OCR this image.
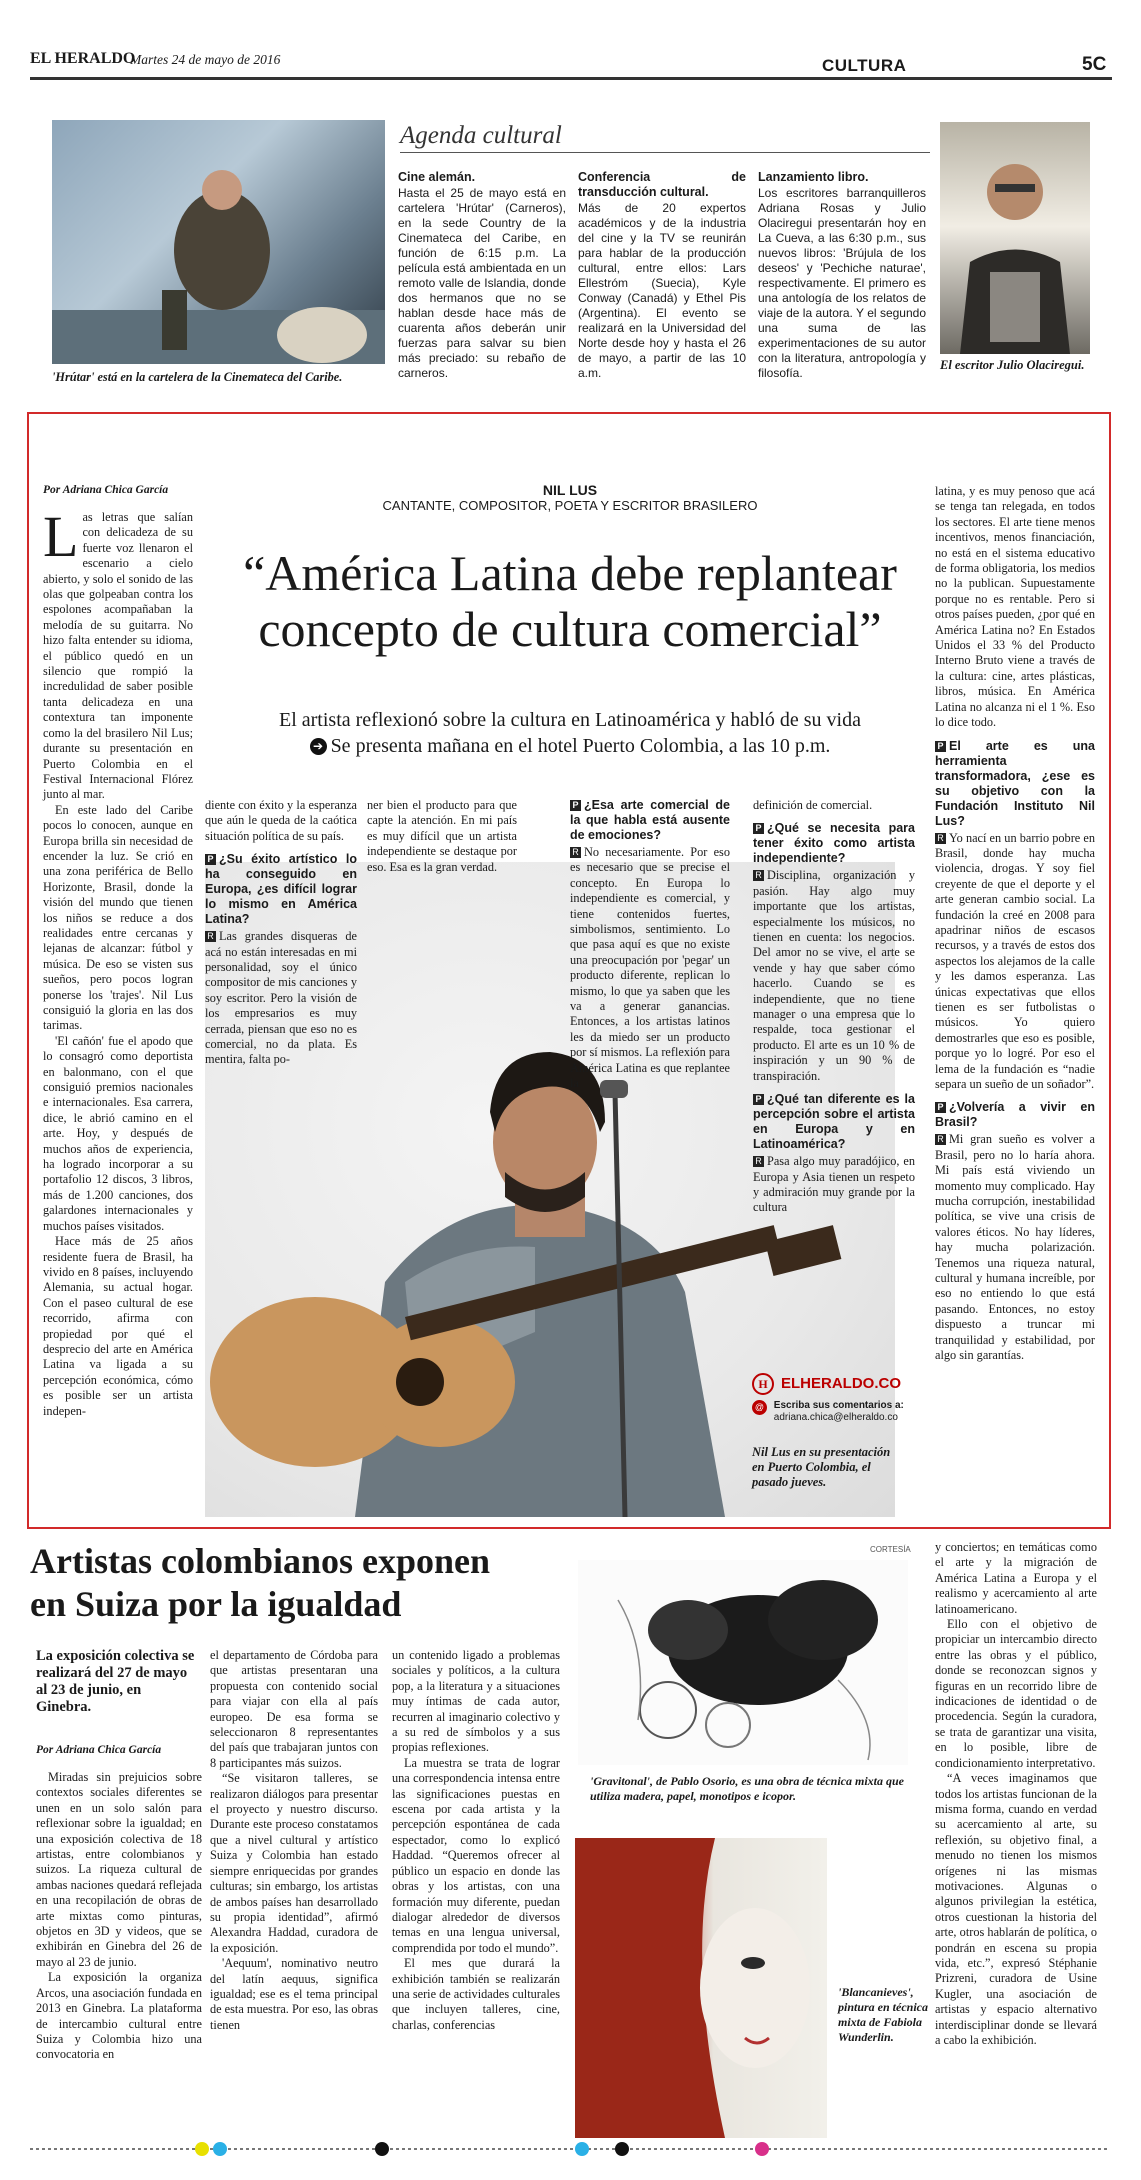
EL HERALDO
Martes 24 de mayo de 2016	CULTURA	5C
'Hrútar' está en la cartelera de la Cinemateca del Caribe.
Agenda cultural
Cine alemán.
Hasta el 25 de mayo está en cartelera 'Hrútar' (Carneros), en la sede Country de la Cinemateca del Caribe, en función de 6:15 p.m. La película está ambientada en un remoto valle de Islandia, donde dos hermanos que no se hablan desde hace más de cuarenta años deberán unir fuerzas para salvar su bien más preciado: su rebaño de carneros.
Conferencia de transducción cultural.
Más de 20 expertos académicos y de la industria del cine y la TV se reunirán para hablar de la producción cultural, entre ellos: Lars Ellestróm (Suecia), Kyle Conway (Canadá) y Ethel Pis (Argentina). El evento se realizará en la Universidad del Norte desde hoy y hasta el 26 de mayo, a partir de las 10 a.m.
Lanzamiento libro.
Los escritores barranquilleros Adriana Rosas y Julio Olaciregui presentarán hoy en La Cueva, a las 6:30 p.m., sus nuevos libros: 'Brújula de los deseos' y 'Pechiche naturae', respectivamente. El primero es una antología de los relatos de viaje de la autora. Y el segundo una suma de las experimentaciones de su autor con la literatura, antropología y filosofía.
El escritor Julio Olaciregui.
Por Adriana Chica García	NIL LUS
CANTANTE, COMPOSITOR, POETA Y ESCRITOR BRASILERO
“América Latina debe replantear
concepto de cultura comercial”
El artista reflexionó sobre la cultura en Latinoamérica y habló de su vida
➔ Se presenta mañana en el hotel Puerto Colombia, a las 10 p.m.

Las letras que salían con delicadeza de su fuerte voz llenaron el escenario a cielo abierto, y solo el sonido de las olas que golpeaban contra los espolones acompañaban la melodía de su guitarra. No hizo falta entender su idioma, el público quedó en un silencio que rompió la incredulidad de saber posible tanta delicadeza en una contextura tan imponente como la del brasilero Nil Lus; durante su presentación en Puerto Colombia en el Festival Internacional Flórez junto al mar.

En este lado del Caribe pocos lo conocen, aunque en Europa brilla sin necesidad de encender la luz. Se crió en una zona periférica de Bello Horizonte, Brasil, donde la visión del mundo que tienen los niños se reduce a dos realidades entre cercanas y lejanas de alcanzar: fútbol y música. De eso se visten sus sueños, pero pocos logran ponerse los 'trajes'. Nil Lus consiguió la gloria en las dos tarimas.

'El cañón' fue el apodo que lo consagró como deportista en balonmano, con el que consiguió premios nacionales e internacionales. Esa carrera, dice, le abrió camino en el arte. Hoy, y después de muchos años de experiencia, ha logrado incorporar a su portafolio 12 discos, 3 libros, más de 1.200 canciones, dos galardones internacionales y muchos países visitados.

Hace más de 25 años residente fuera de Brasil, ha vivido en 8 países, incluyendo Alemania, su actual hogar. Con el paseo cultural de ese recorrido, afirma con propiedad por qué el desprecio del arte en América Latina va ligada a su percepción económica, cómo es posible ser un artista indepen-

diente con éxito y la esperanza que aún le queda de la caótica situación política de su país.

P ¿Su éxito artístico lo ha conseguido en Europa, ¿es difícil lograr lo mismo en América Latina?

R Las grandes disqueras de acá no están interesadas en mi personalidad, soy el único compositor de mis canciones y soy escritor. Pero la visión de los empresarios es muy cerrada, piensan que eso no es comercial, no da plata. Es mentira, falta po-

ner bien el producto para que capte la atención. En mi país es muy difícil que un artista independiente se destaque por eso. Esa es la gran verdad.

P ¿Esa arte comercial de la que habla está ausente de emociones?

R No necesariamente. Por eso es necesario que se precise el concepto. En Europa lo independiente es comercial, y tiene contenidos fuertes, simbolismos, sentimiento. Lo que pasa aquí es que no existe una preocupación por 'pegar' un producto diferente, replican lo mismo, lo que ya saben que les va a generar ganancias. Entonces, a los artistas latinos les da miedo ser un producto por sí mismos. La reflexión para América Latina es que replantee la

definición de comercial.

P ¿Qué se necesita para tener éxito como artista independiente?

R Disciplina, organización y pasión. Hay algo muy importante que los artistas, especialmente los músicos, no tienen en cuenta: los negocios. Del amor no se vive, el arte se vende y hay que saber cómo hacerlo. Cuando se es independiente, que no tiene manager o una empresa que lo respalde, toca gestionar el producto. El arte es un 10 % de inspiración y un 90 % de transpiración.

P ¿Qué tan diferente es la percepción sobre el artista en Europa y en Latinoamérica?

R Pasa algo muy paradójico, en Europa y Asia tienen un respeto y admiración muy grande por la cultura

H ELHERALDO.CO
@ Escriba sus comentarios a:
adriana.chica@elheraldo.co
Nil Lus en su presentación en Puerto Colombia, el pasado jueves.

latina, y es muy penoso que acá se tenga tan relegada, en todos los sectores. El arte tiene menos incentivos, menos financiación, no está en el sistema educativo de forma obligatoria, los medios no la publican. Supuestamente porque no es rentable. Pero si otros países pueden, ¿por qué en América Latina no? En Estados Unidos el 33 % del Producto Interno Bruto viene a través de la cultura: cine, artes plásticas, libros, música. En América Latina no alcanza ni el 1 %. Eso lo dice todo.

P El arte es una herramienta transformadora, ¿ese es su objetivo con la Fundación Instituto Nil Lus?

R Yo nací en un barrio pobre en Brasil, donde hay mucha violencia, drogas. Y soy fiel creyente de que el deporte y el arte generan cambio social. La fundación la creé en 2008 para apadrinar niños de escasos recursos, y a través de estos dos aspectos los alejamos de la calle y les damos esperanza. Las únicas expectativas que ellos tienen es ser futbolistas o músicos. Yo quiero demostrarles que eso es posible, porque yo lo logré. Por eso el lema de la fundación es “nadie separa un sueño de un soñador”.

P ¿Volvería a vivir en Brasil?

R Mi gran sueño es volver a Brasil, pero no lo haría ahora. Mi país está viviendo un momento muy complicado. Hay mucha corrupción, inestabilidad política, se vive una crisis de valores éticos. No hay líderes, hay mucha polarización. Tenemos una riqueza natural, cultural y humana increíble, por eso no entiendo lo que está pasando. Entonces, no estoy dispuesto a truncar mi tranquilidad y estabilidad, por algo sin garantías.

Artistas colombianos exponen
en Suiza por la igualdad
CORTESÍA
La exposición colectiva se realizará del 27 de mayo al 23 de junio, en Ginebra.
Por Adriana Chica García

Miradas sin prejuicios sobre contextos sociales diferentes se unen en un solo salón para reflexionar sobre la igualdad; en una exposición colectiva de 18 artistas, entre colombianos y suizos. La riqueza cultural de ambas naciones quedará reflejada en una recopilación de obras de arte mixtas como pinturas, objetos en 3D y videos, que se exhibirán en Ginebra del 26 de mayo al 23 de junio.

La exposición la organiza Arcos, una asociación fundada en 2013 en Ginebra. La plataforma de intercambio cultural entre Suiza y Colombia hizo una convocatoria en

el departamento de Córdoba para que artistas presentaran una propuesta con contenido social para viajar con ella al país europeo. De esa forma se seleccionaron 8 representantes del país que trabajaran juntos con 8 participantes más suizos.

“Se visitaron talleres, se realizaron diálogos para presentar el proyecto y nuestro discurso. Durante este proceso constatamos que a nivel cultural y artístico Suiza y Colombia han estado siempre enriquecidas por grandes culturas; sin embargo, los artistas de ambos países han desarrollado su propia identidad”, afirmó Alexandra Haddad, curadora de la exposición.

'Aequum', nominativo neutro del latín aequus, significa igualdad; ese es el tema principal de esta muestra. Por eso, las obras tienen

un contenido ligado a problemas sociales y políticos, a la cultura pop, a la literatura y a situaciones muy íntimas de cada autor, recurren al imaginario colectivo y a su red de símbolos y a sus propias reflexiones.

La muestra se trata de lograr una correspondencia intensa entre las significaciones puestas en escena por cada artista y la percepción espontánea de cada espectador, como lo explicó Haddad. “Queremos ofrecer al público un espacio en donde las obras y los artistas, con una formación muy diferente, puedan dialogar alrededor de diversos temas en una lengua universal, comprendida por todo el mundo”.

El mes que durará la exhibición también se realizarán una serie de actividades culturales que incluyen talleres, cine, charlas, conferencias

'Gravitonal', de Pablo Osorio, es una obra de técnica mixta que utiliza madera, papel, monotipos e icopor.
'Blancanieves', pintura en técnica mixta de Fabiola Wunderlin.

y conciertos; en temáticas como el arte y la migración de América Latina a Europa y el realismo y acercamiento al arte latinoamericano.

Ello con el objetivo de propiciar un intercambio directo entre las obras y el público, donde se reconozcan signos y figuras en un recorrido libre de indicaciones de identidad o de procedencia. Según la curadora, se trata de garantizar una visita, en lo posible, libre de condicionamiento interpretativo.

“A veces imaginamos que todos los artistas funcionan de la misma forma, cuando en verdad su acercamiento al arte, su reflexión, su objetivo final, a menudo no tienen los mismos orígenes ni las mismas motivaciones. Algunas o algunos privilegian la estética, otros cuestionan la historia del arte, otros hablarán de política, o pondrán en escena su propia vida, etc.”, expresó Stéphanie Prizreni, curadora de Usine Kugler, una asociación de artistas y espacio alternativo interdisciplinar donde se llevará a cabo la exhibición.
